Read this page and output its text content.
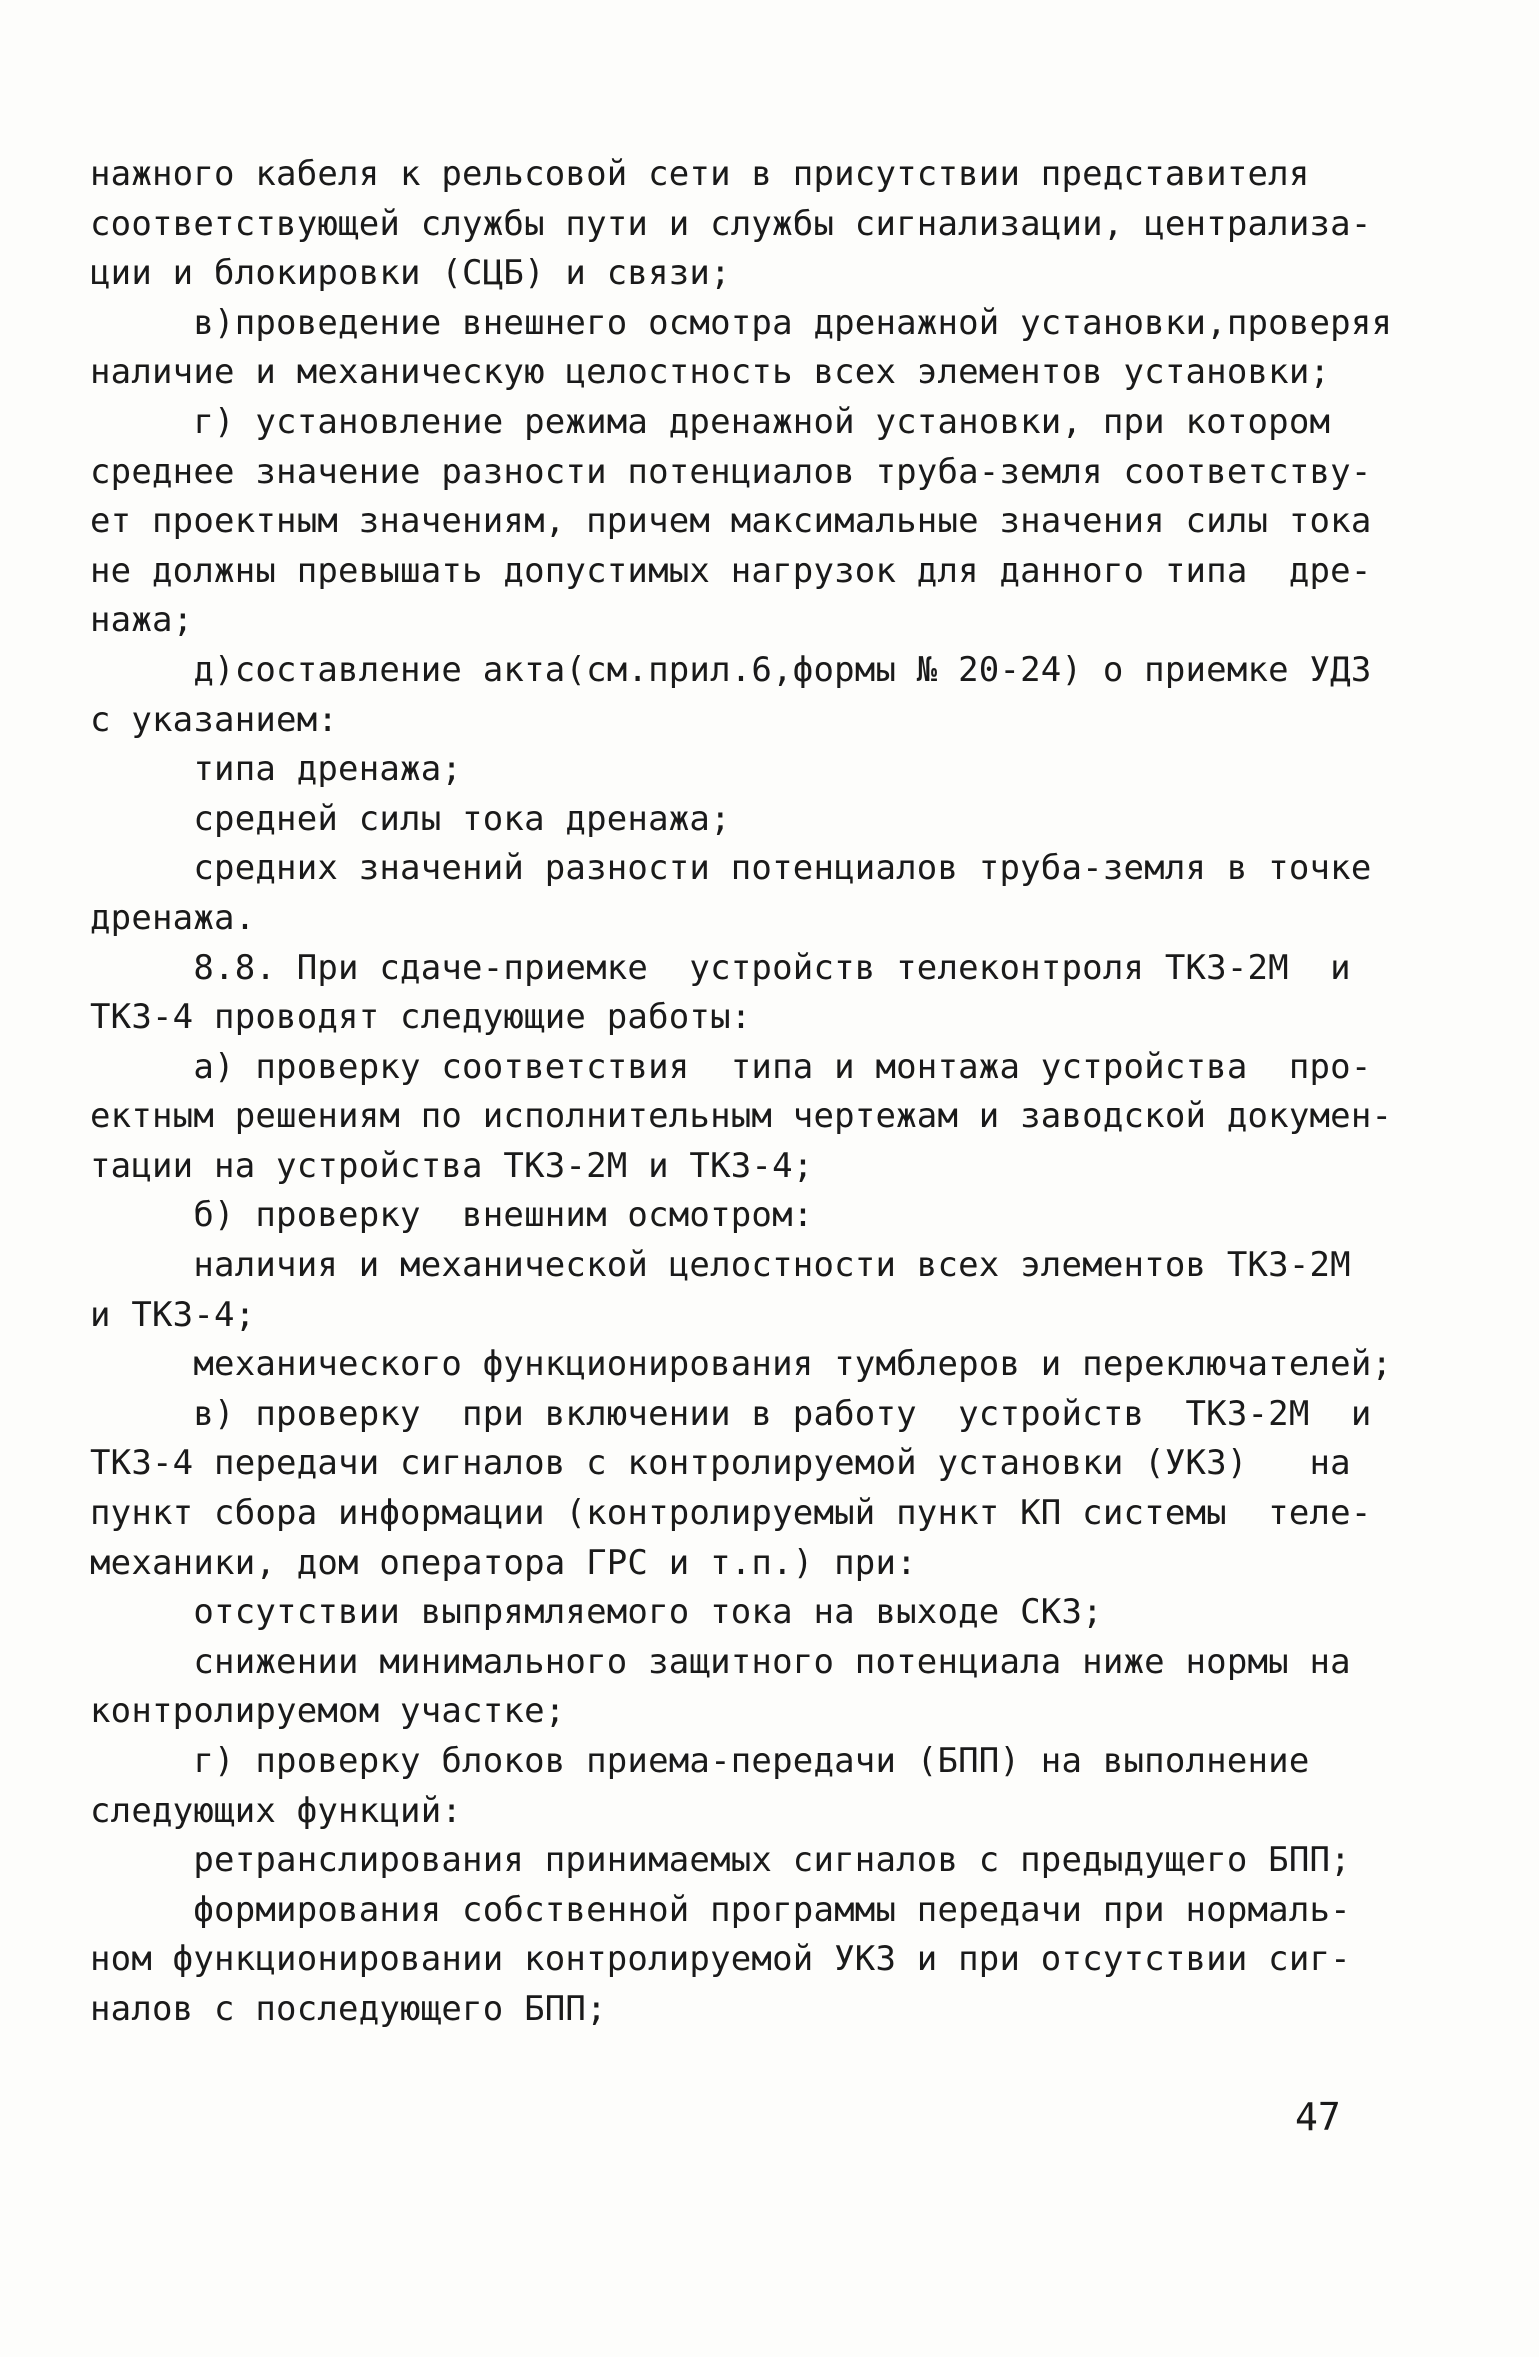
нажного кабеля к рельсовой сети в присутствии представителя
соответствующей службы пути и службы сигнализации, централиза-
ции и блокировки (СЦБ) и связи;
в)проведение внешнего осмотра дренажной установки,проверяя
наличие и механическую целостность всех элементов установки;
г) установление режима дренажной установки, при котором
среднее значение разности потенциалов труба-земля соответству-
ет проектным значениям, причем максимальные значения силы тока
не должны превышать допустимых нагрузок для данного типа  дре-
нажа;
д)составление акта(см.прил.6,формы № 20-24) о приемке УДЗ
с указанием:
типа дренажа;
средней силы тока дренажа;
средних значений разности потенциалов труба-земля в точке
дренажа.
8.8. При сдаче-приемке  устройств телеконтроля ТКЗ-2М  и
ТКЗ-4 проводят следующие работы:
а) проверку соответствия  типа и монтажа устройства  про-
ектным решениям по исполнительным чертежам и заводской докумен-
тации на устройства ТКЗ-2М и ТКЗ-4;
б) проверку  внешним осмотром:
наличия и механической целостности всех элементов ТКЗ-2М
и ТКЗ-4;
механического функционирования тумблеров и переключателей;
в) проверку  при включении в работу  устройств  ТКЗ-2М  и
ТКЗ-4 передачи сигналов с контролируемой установки (УКЗ)   на
пункт сбора информации (контролируемый пункт КП системы  теле-
механики, дом оператора ГРС и т.п.) при:
отсутствии выпрямляемого тока на выходе СКЗ;
снижении минимального защитного потенциала ниже нормы на
контролируемом участке;
г) проверку блоков приема-передачи (БПП) на выполнение
следующих функций:
ретранслирования принимаемых сигналов с предыдущего БПП;
формирования собственной программы передачи при нормаль-
ном функционировании контролируемой УКЗ и при отсутствии сиг-
налов с последующего БПП;
47
